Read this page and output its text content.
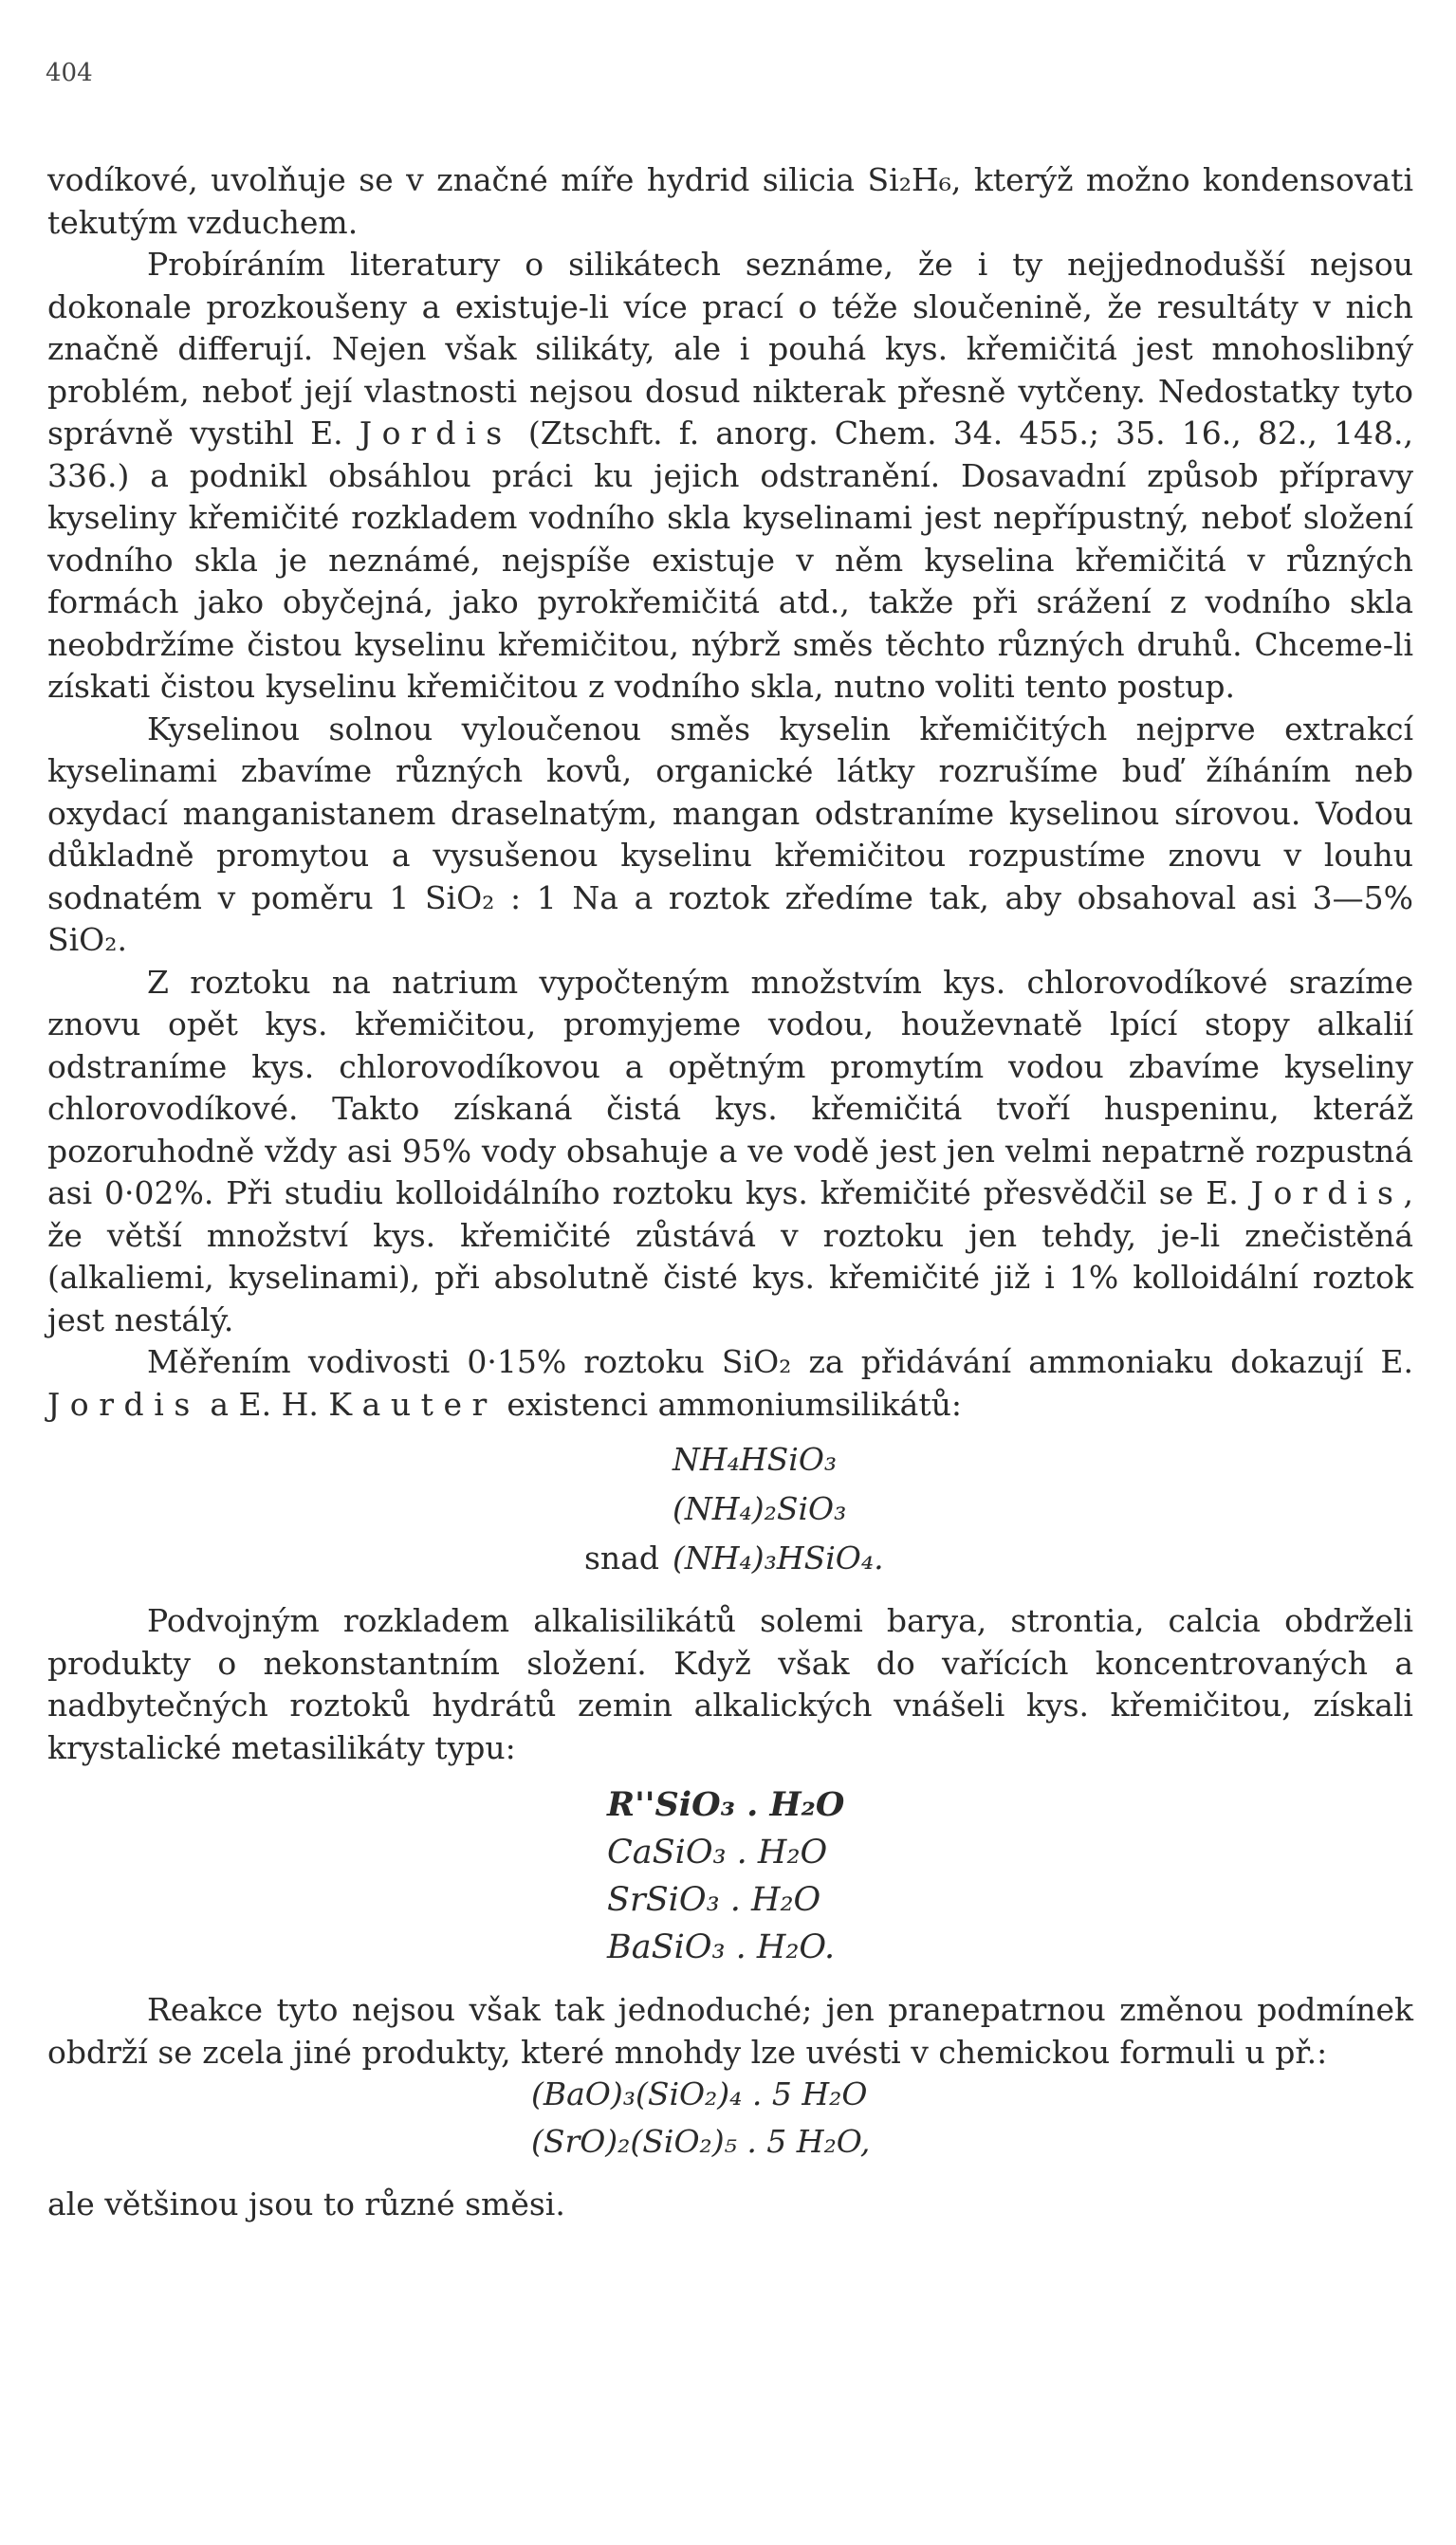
404

vodíkové, uvolňuje se v značné míře hydrid silicia Si₂H₆, kterýž možno kondensovati tekutým vzduchem.

Probíráním literatury o silikátech seznáme, že i ty nejjednodušší nejsou dokonale prozkoušeny a existuje-li více prací o téže sloučenině, že resultáty v nich značně differují. Nejen však silikáty, ale i pouhá kys. křemičitá jest mnohoslibný problém, neboť její vlastnosti nejsou dosud nikterak přesně vytčeny. Nedostatky tyto správně vystihl E. Jordis (Ztschft. f. anorg. Chem. 34. 455.; 35. 16., 82., 148., 336.) a podnikl obsáhlou práci ku jejich odstranění. Dosavadní způsob přípravy kyseliny křemičité rozkladem vodního skla kyselinami jest nepřípustný, neboť složení vodního skla je neznámé, nejspíše existuje v něm kyselina křemičitá v různých formách jako obyčejná, jako pyrokřemičitá atd., takže při srážení z vodního skla neobdržíme čistou kyselinu křemičitou, nýbrž směs těchto různých druhů. Chceme-li získati čistou kyselinu křemičitou z vodního skla, nutno voliti tento postup.

Kyselinou solnou vyloučenou směs kyselin křemičitých nejprve extrakcí kyselinami zbavíme různých kovů, organické látky rozrušíme buď žíháním neb oxydací manganistanem draselnatým, mangan odstraníme kyselinou sírovou. Vodou důkladně promytou a vysušenou kyselinu křemičitou rozpustíme znovu v louhu sodnatém v poměru 1 SiO₂ : 1 Na a roztok zředíme tak, aby obsahoval asi 3—5% SiO₂.

Z roztoku na natrium vypočteným množstvím kys. chlorovodíkové srazíme znovu opět kys. křemičitou, promyjeme vodou, houževnatě lpící stopy alkalií odstraníme kys. chlorovodíkovou a opětným promytím vodou zbavíme kyseliny chlorovodíkové. Takto získaná čistá kys. křemičitá tvoří huspeninu, kteráž pozoruhodně vždy asi 95% vody obsahuje a ve vodě jest jen velmi nepatrně rozpustná asi 0·02%. Při studiu kolloidálního roztoku kys. křemičité přesvědčil se E. Jordis, že větší množství kys. křemičité zůstává v roztoku jen tehdy, je-li znečistěná (alkaliemi, kyselinami), při absolutně čisté kys. křemičité již i 1% kolloidální roztok jest nestálý.

Měřením vodivosti 0·15% roztoku SiO₂ za přidávání ammoniaku dokazují E. Jordis a E. H. Kauter existenci ammoniumsilikátů:

NH₄HSiO₃
(NH₄)₂SiO₃
snad (NH₄)₃HSiO₄.

Podvojným rozkladem alkalisilikátů solemi barya, strontia, calcia obdrželi produkty o nekonstantním složení. Když však do vařících koncentrovaných a nadbytečných roztoků hydrátů zemin alkalických vnášeli kys. křemičitou, získali krystalické metasilikáty typu:

R''SiO₃ . H₂O
CaSiO₃ . H₂O
SrSiO₃ . H₂O
BaSiO₃ . H₂O.

Reakce tyto nejsou však tak jednoduché; jen pranepatrnou změnou podmínek obdrží se zcela jiné produkty, které mnohdy lze uvésti v chemickou formuli u př.:

(BaO)₃(SiO₂)₄ . 5 H₂O
(SrO)₂(SiO₂)₅ . 5 H₂O,

ale většinou jsou to různé směsi.
